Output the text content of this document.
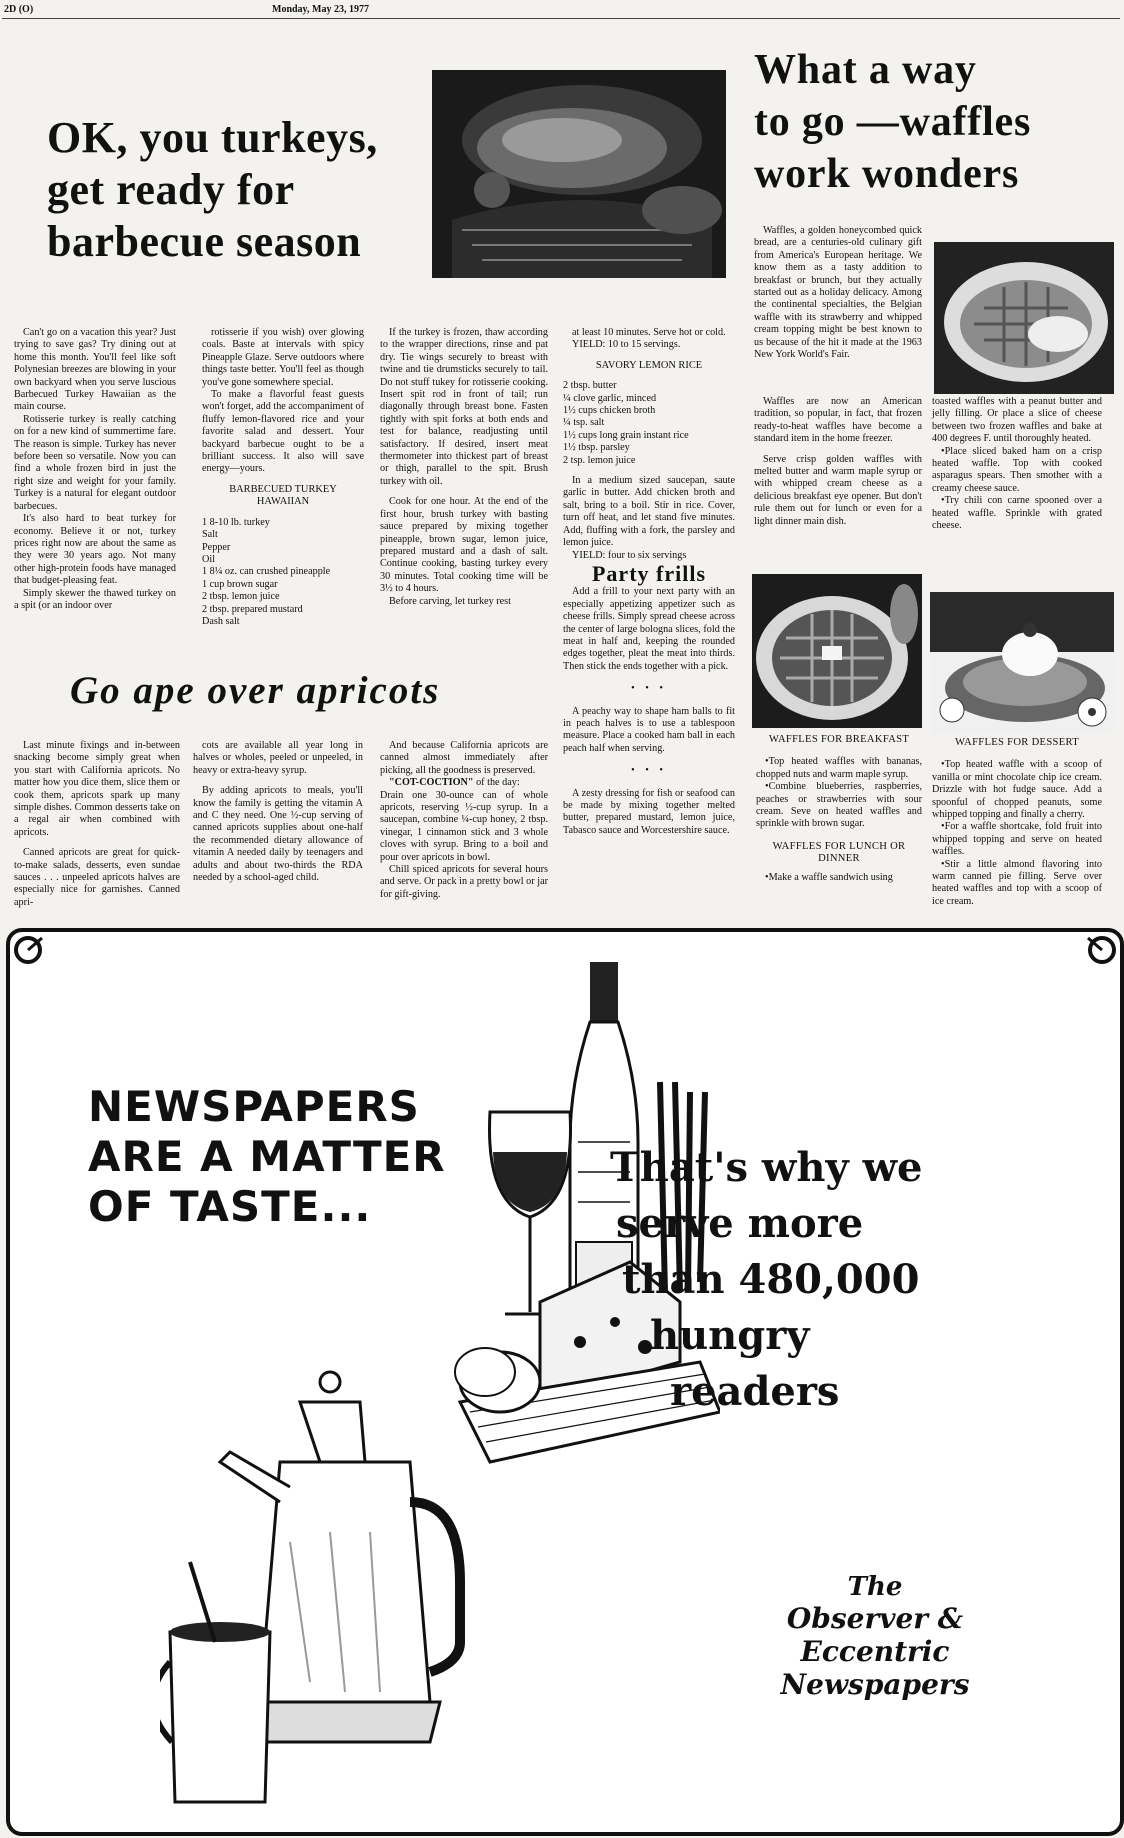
2D (O)	Monday, May 23, 1977
OK, you turkeys,
get ready for
barbecue season
What a way
to go —waffles
work wonders

Can't go on a vacation this year? Just trying to save gas? Try dining out at home this month. You'll feel like soft Polynesian breezes are blowing in your own backyard when you serve luscious Barbecued Turkey Hawaiian as the main course.

Rotisserie turkey is really catching on for a new kind of summertime fare. The reason is simple. Turkey has never before been so versatile. Now you can find a whole frozen bird in just the right size and weight for your family. Turkey is a natural for elegant outdoor barbecues.

It's also hard to beat turkey for economy. Believe it or not, turkey prices right now are about the same as they were 30 years ago. Not many other high-protein foods have managed that budget-pleasing feat.

Simply skewer the thawed turkey on a spit (or an indoor over

rotisserie if you wish) over glowing coals. Baste at intervals with spicy Pineapple Glaze. Serve outdoors where things taste better. You'll feel as though you've gone somewhere special.

To make a flavorful feast guests won't forget, add the accompaniment of fluffy lemon-flavored rice and your favorite salad and dessert. Your backyard barbecue ought to be a brilliant success. It also will save energy—yours.

BARBECUED TURKEY
HAWAIIAN

1 8-10 lb. turkey

Salt

Pepper

Oil

1 8¼ oz. can crushed pineapple

1 cup brown sugar

2 tbsp. lemon juice

2 tbsp. prepared mustard

Dash salt

If the turkey is frozen, thaw according to the wrapper directions, rinse and pat dry. Tie wings securely to breast with twine and tie drumsticks securely to tail. Do not stuff tukey for rotisserie cooking. Insert spit rod in front of tail; run diagonally through breast bone. Fasten tightly with spit forks at both ends and test for balance, readjusting until satisfactory. If desired, insert meat thermometer into thickest part of breast or thigh, parallel to the spit. Brush turkey with oil.

Cook for one hour. At the end of the first hour, brush turkey with basting sauce prepared by mixing together pineapple, brown sugar, lemon juice, prepared mustard and a dash of salt. Continue cooking, basting turkey every 30 minutes. Total cooking time will be 3½ to 4 hours.

Before carving, let turkey rest

at least 10 minutes. Serve hot or cold.

YIELD: 10 to 15 servings.

SAVORY LEMON RICE

2 tbsp. butter

¼ clove garlic, minced

1½ cups chicken broth

¼ tsp. salt

1½ cups long grain instant rice

1½ tbsp. parsley

2 tsp. lemon juice

In a medium sized saucepan, saute garlic in butter. Add chicken broth and salt, bring to a boil. Stir in rice. Cover, turn off heat, and let stand five minutes. Add, fluffing with a fork, the parsley and lemon juice.

YIELD: four to six servings

Party frills

Add a frill to your next party with an especially appetizing appetizer such as cheese frills. Simply spread cheese across the center of large bologna slices, fold the meat in half and, keeping the rounded edges together, pleat the meat into thirds. Then stick the ends together with a pick.

• • •

A peachy way to shape ham balls to fit in peach halves is to use a tablespoon measure. Place a cooked ham ball in each peach half when serving.

• • •

A zesty dressing for fish or seafood can be made by mixing together melted butter, prepared mustard, lemon juice, Tabasco sauce and Worcestershire sauce.

Go ape over apricots

Last minute fixings and in-between snacking become simply great when you start with California apricots. No matter how you dice them, slice them or cook them, apricots spark up many simple dishes. Common desserts take on a regal air when combined with apricots.

Canned apricots are great for quick-to-make salads, desserts, even sundae sauces . . . unpeeled apricots halves are especially nice for garnishes. Canned apri-

cots are available all year long in halves or wholes, peeled or unpeeled, in heavy or extra-heavy syrup.

By adding apricots to meals, you'll know the family is getting the vitamin A and C they need. One ½-cup serving of canned apricots supplies about one-half the recommended dietary allowance of vitamin A needed daily by teenagers and adults and about two-thirds the RDA needed by a school-aged child.

And because California apricots are canned almost immediately after picking, all the goodness is preserved.

"COT-COCTION" of the day:

Drain one 30-ounce can of whole apricots, reserving ½-cup syrup. In a saucepan, combine ¼-cup honey, 2 tbsp. vinegar, 1 cinnamon stick and 3 whole cloves with syrup. Bring to a boil and pour over apricots in bowl.

Chill spiced apricots for several hours and serve. Or pack in a pretty bowl or jar for gift-giving.

Waffles, a golden honeycombed quick bread, are a centuries-old culinary gift from America's European heritage. We know them as a tasty addition to breakfast or brunch, but they actually started out as a holiday delicacy. Among the continental specialties, the Belgian waffle with its strawberry and whipped cream topping might be best known to us because of the hit it made at the 1963 New York World's Fair.

Waffles are now an American tradition, so popular, in fact, that frozen ready-to-heat waffles have become a standard item in the home freezer.

Serve crisp golden waffles with melted butter and warm maple syrup or with whipped cream cheese as a delicious breakfast eye opener. But don't rule them out for lunch or even for a light dinner main dish.

toasted waffles with a peanut butter and jelly filling. Or place a slice of cheese between two frozen waffles and bake at 400 degrees F. until thoroughly heated.

•Place sliced baked ham on a crisp heated waffle. Top with cooked asparagus spears. Then smother with a creamy cheese sauce.

•Try chili con carne spooned over a heated waffle. Sprinkle with grated cheese.

WAFFLES FOR BREAKFAST

•Top heated waffles with bananas, chopped nuts and warm maple syrup.

•Combine blueberries, raspberries, peaches or strawberries with sour cream. Seve on heated waffles and sprinkle with brown sugar.

WAFFLES FOR LUNCH OR
DINNER

•Make a waffle sandwich using

WAFFLES FOR DESSERT

•Top heated waffle with a scoop of vanilla or mint chocolate chip ice cream. Drizzle with hot fudge sauce. Add a spoonful of chopped peanuts, some whipped topping and finally a cherry.

•For a waffle shortcake, fold fruit into whipped topping and serve on heated waffles.

•Stir a little almond flavoring into warm canned pie filling. Serve over heated waffles and top with a scoop of ice cream.

NEWSPAPERS
ARE A MATTER
OF TASTE...
That's why we
serve more
than 480,000
hungry
readers
The
Observer & Eccentric
Newspapers
